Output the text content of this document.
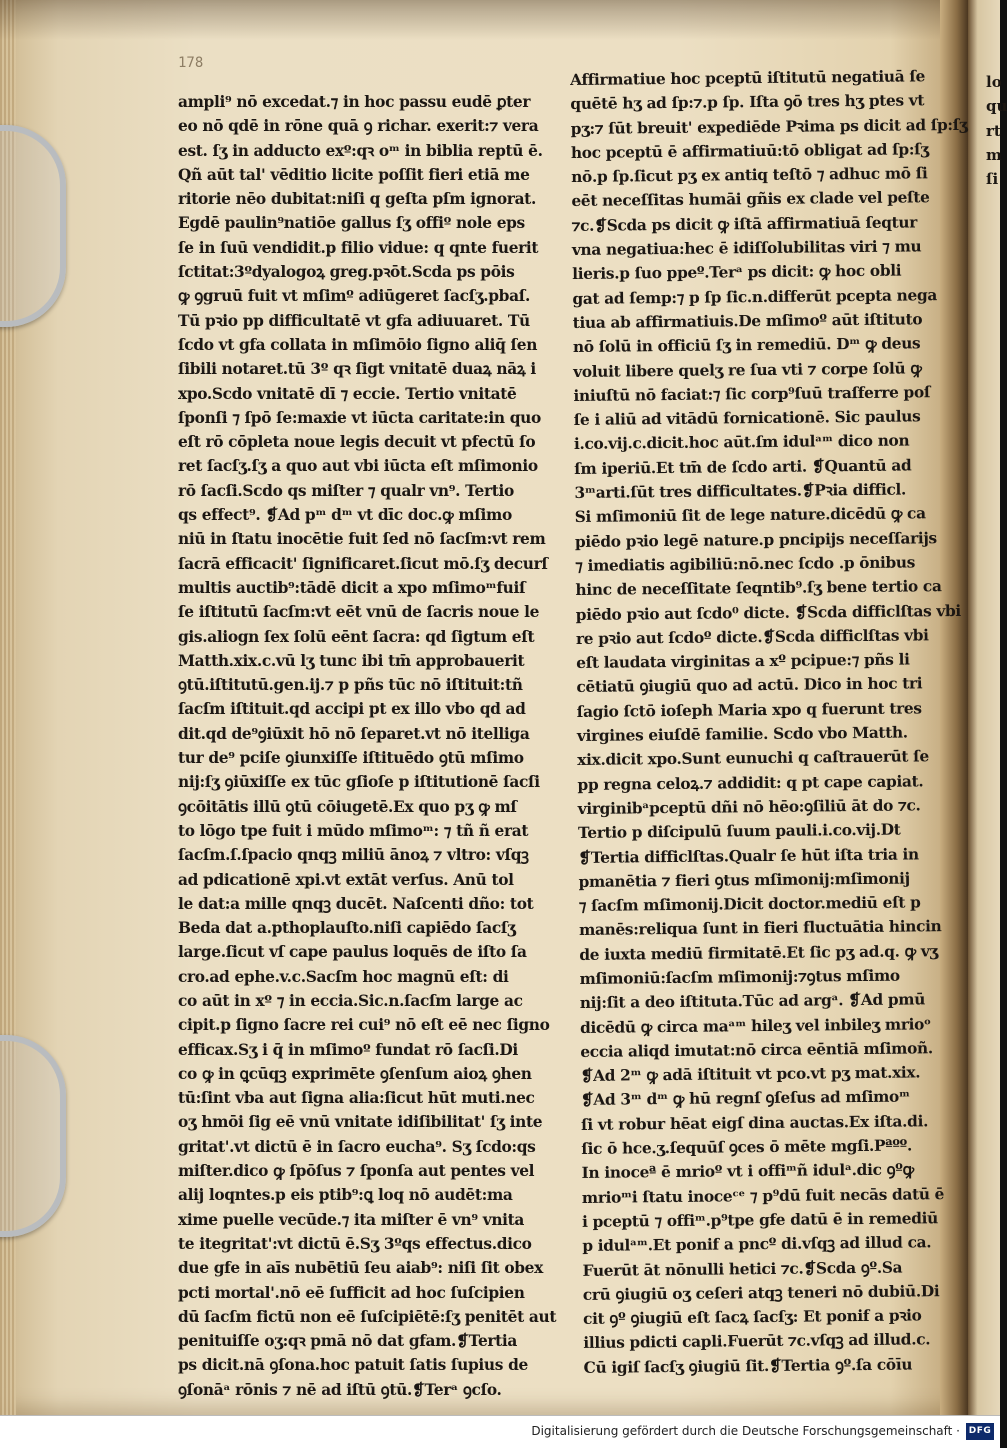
178
ampli⁹ nō excedat.⁊ in hoc passu eudē ꝑter
eo nō qdē in rōne quā ꝯ richar. exerit:⁊ vera
est. ſʒ in adducto exº:qꝛ oᵐ in biblia reptū ē.
Qñ aūt tal' vēditio licite poſſit fieri etiā me
ritorie nēo dubitat:niſi q geſta pſm ignorat.
Egdē paulin⁹natiōe gallus ſʒ offiº nole eps
ſe in ſuū vendidit.p filio vidue: q qnte fuerit
ſctitat:3ºdyalogoꝝ greg.pꝛōt.Scda ps pōis
ꝙ ꝯgruū fuit vt mſimº adiūgeret ſacſʒ.pbaſ.
Tū pꝛio pp difficultatē vt gfa adiuuaret. Tū
ſcdo vt gfa collata in mſimōio ſigno aliq̄ ſen
ſibili notaret.tū 3º qꝛ ſigt vnitatē duaꝝ nāꝝ i
xpo.Scdo vnitatē dī ⁊ eccie. Tertio vnitatē
ſponſi ⁊ ſpō ſe:maxie vt iūcta caritate:in quo
eſt rō cōpleta noue legis decuit vt pfectū ſo
ret ſacſʒ.ſʒ a quo aut vbi iūcta eſt mſimonio
rō ſacſi.Scdo qs miſter ⁊ qualr vn⁹. Tertio
qs effect⁹. ❡Ad pᵐ dᵐ vt dīc doc.ꝙ mſimo
niū in ſtatu inocētie fuit ſed nō ſacſm:vt rem
ſacrā efficacit' ſignificaret.ſicut mō.ſʒ decurſ
multis auctib⁹:tādē dicit a xpo mſimoᵐfuiſ
ſe iſtitutū ſacſm:vt eēt vnū de ſacris noue le
gis.aliogn ſex ſolū eēnt ſacra: qd ſigtum eſt
Matth.xix.c.vū lʒ tunc ibi tm̄ approbauerit
ꝯtū.iſtitutū.gen.ij.⁊ p pñs tūc nō iſtituit:tñ
ſacſm iſtituit.qd accipi pt ex illo vbo qd ad
dit.qd de⁹ꝯiūxit hō nō ſeparet.vt nō itelliga
tur de⁹ pciſe ꝯiunxiſſe iſtituēdo ꝯtū mſimo
nij:ſʒ ꝯiūxiſſe ex tūc gſioſe p iſtitutionē ſacſi
ꝯcōitātis illū ꝯtū cōiugetē.Ex quo pʒ ꝙ mſ
to lōgo tpe fuit i mūdo mſimoᵐ: ⁊ tñ ñ erat
ſacſm.ſ.ſpacio qnqꝫ miliū ānoꝝ ⁊ vltro: vſqꝫ
ad pdicationē xpi.vt extāt verſus. Anū tol
le dat:a mille qnqꝫ ducēt. Naſcenti dño: tot
Beda dat a.pthoplauſto.niſi capiēdo ſacſʒ
large.ſicut vſ cape paulus loquēs de iſto ſa
cro.ad ephe.v.c.Sacſm hoc magnū eſt: di
co aūt in xº ⁊ in eccia.Sic.n.ſacſm large ac
cipit.p ſigno ſacre rei cui⁹ nō eſt eē nec ſigno
efficax.Sʒ i q̄ in mſimoº fundat rō ſacſi.Di
co ꝙ in ꝗcūqꝫ exprimēte ꝯſenſum aioꝝ ꝯhen
tū:ſint vba aut ſigna alia:ſicut hūt muti.nec
oʒ hmōi ſig eē vnū vnitate idiſibilitat' ſʒ inte
gritat'.vt dictū ē in ſacro eucha⁹. Sʒ ſcdo:qs
miſter.dico ꝙ ſpōſus ⁊ ſponſa aut pentes vel
alij loqntes.p eis ptib⁹:ꝗ loq nō audēt:ma
xime puelle vecūde.⁊ ita miſter ē vn⁹ vnita
te itegritat':vt dictū ē.Sʒ 3ºqs effectus.dico
due gfe in aīs nubētiū ſeu aiab⁹: niſi ſit obex
pcti mortal'.nō eē ſufficit ad hoc ſuſcipien
dū ſacſm fictū non eē ſuſcipiētē:ſʒ penitēt aut
penituiſſe oʒ:qꝛ pmā nō dat gfam.❡Tertia
ps dicit.nā ꝯſona.hoc patuit ſatis ſupius de
ꝯſonāᵃ rōnis ⁊ nē ad iſtū ꝯtū.❡Terᵃ ꝯcſo.
Affirmatiue hoc pceptū iſtitutū negatiuā ſe
quētē hʒ ad ſp:⁊.p ſp. Iſta ꝯō tres hʒ ptes vt
pʒ:⁊ ſūt breuit' expediēde Pꝛima ps dicit ad ſp:ſʒ
hoc pceptū ē affirmatiuū:tō obligat ad ſp:ſʒ
nō.p ſp.ſicut pʒ ex antiq teſtō ⁊ adhuc mō ſi
eēt neceſſitas humāi gñis ex clade vel peſte
⁊c.❡Scda ps dicit ꝙ iſtā affirmatiuā ſeqtur
vna negatiua:hec ē idiſſolubilitas viri ⁊ mu
lieris.p ſuo ppeº.Terᵃ ps dicit: ꝙ hoc obli
gat ad ſemp:⁊ p ſp ſic.n.differūt pcepta nega
tiua ab affirmatiuis.De mſimoº aūt iſtituto
nō ſolū in officiū ſʒ in remediū. Dᵐ ꝙ deus
voluit libere quelʒ re ſua vti ⁊ corpe ſolū ꝙ
iniuſtū nō faciat:⁊ ſic corp⁹ſuū traſferre poſ
ſe i aliū ad vitādū fornicationē. Sic paulus
i.co.vij.c.dicit.hoc aūt.ſm idulᵃᵐ dico non
ſm iperiū.Et tm̄ de ſcdo arti. ❡Quantū ad
3ᵐarti.ſūt tres difficultates.❡Pꝛia difficl.
Si mſimoniū ſit de lege nature.dicēdū ꝙ ca
piēdo pꝛio legē nature.p pncipijs neceſſarijs
⁊ imediatis agibiliū:nō.nec ſcdo .p ōnibus
hinc de neceſſitate ſeqntib⁹.ſʒ bene tertio ca
piēdo pꝛio aut ſcdo⁰ dicte. ❡Scda difficlſtas vbi
re pꝛio aut ſcdoº dicte.❡Scda difficlſtas vbi
eſt laudata virginitas a xº pcipue:⁊ pñs li
cētiatū ꝯiugiū quo ad actū. Dico in hoc tri
ſagio ſctō ioſeph Maria xpo q fuerunt tres
virgines eiuſdē familie. Scdo vbo Matth.
xix.dicit xpo.Sunt eunuchi q caſtrauerūt ſe
pp regna celoꝝ.⁊ addidit: q pt cape capiat.
virginibᵃpceptū dñi nō hēo:ꝯſiliū āt do ⁊c.
Tertio p diſcipulū ſuum pauli.i.co.vij.Dt
❡Tertia difficlſtas.Qualr ſe hūt iſta tria in
pmanētia ⁊ fieri ꝯtus mſimonij:mſimonij
⁊ ſacſm mſimonij.Dicit doctor.mediū eſt p
manēs:reliqua ſunt in fieri fluctuātia hincin
de iuxta mediū firmitatē.Et ſic pʒ ad.q. ꝙ vʒ
mſimoniū:ſacſm mſimonij:⁊ꝯtus mſimo
nij:ſit a deo iſtituta.Tūc ad argᵃ. ❡Ad pmū
dicēdū ꝙ circa maᵃᵐ hileʒ vel inbileʒ mrioᵒ
eccia aliqd imutat:nō circa eēntiā mſimoñ.
❡Ad 2ᵐ ꝙ adā iſtituit vt pco.vt pʒ mat.xix.
❡Ad 3ᵐ dᵐ ꝙ hū regnſ ꝯſeſus ad mſimoᵐ
ſi vt robur hēat eigſ dina auctas.Ex iſta.di.
ſic ō hce.ʒ.ſequūſ ꝯces ō mēte mgſi.Pªºº.
In inoceª ē mrioº vt i offiᵐñ idulᵃ.dic ꝯºꝙ
mrioᵐi ſtatu inoceᶜᵉ ⁊ p⁹dū fuit necās datū ē
i pceptū ⁊ offiᵐ.p⁹tpe gfe datū ē in remediū
p idulᵃᵐ.Et ponif a pncº di.vſqꝫ ad illud ca.
Fuerūt āt nōnulli hetici ⁊c.❡Scda ꝯº.Sa
crū ꝯiugiū oʒ ceſeri atqꝫ teneri nō dubiū.Di
cit ꝯº ꝯiugiū eſt ſacꝝ ſacſʒ: Et ponif a pꝛio
illius pdicti capli.Fuerūt ⁊c.vſqꝫ ad illud.c.
Cū igiſ ſacſʒ ꝯiugiū ſit.❡Tertia ꝯº.ſa cōīu
lo
qu
rt
m
ſi
Digitalisierung gefördert durch die Deutsche Forschungsgemeinschaft · DFG
